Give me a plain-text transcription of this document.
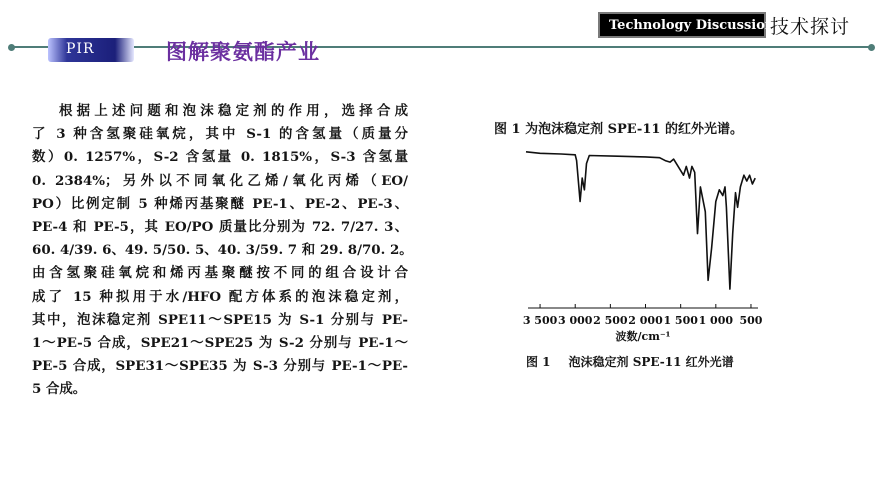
PIR	图解聚氨酯产业
Technology Discussion
技术探讨
根据上述问题和泡沫稳定剂的作用，选择合成
了 3 种含氢聚硅氧烷，其中 S-1 的含氢量（质量分
数）0. 1257%，S-2 含氢量 0. 1815%，S-3 含氢量
0. 2384%；另外以不同氧化乙烯/氧化丙烯（EO/
PO）比例定制 5 种烯丙基聚醚 PE-1、PE-2、PE-3、
PE-4 和 PE-5，其 EO/PO 质量比分别为 72. 7/27. 3、
60. 4/39. 6、49. 5/50. 5、40. 3/59. 7 和 29. 8/70. 2。
由含氢聚硅氧烷和烯丙基聚醚按不同的组合设计合
成了 15 种拟用于水/HFO 配方体系的泡沫稳定剂，
其中，泡沫稳定剂 SPE11～SPE15 为 S-1 分别与 PE-
1～PE-5 合成，SPE21～SPE25 为 S-2 分别与 PE-1～
PE-5 合成，SPE31～SPE35 为 S-3 分别与 PE-1～PE-
5 合成。
图 1 为泡沫稳定剂 SPE-11 的红外光谱。
3 500 3 000 2 500 2 000 1 500 1 000 500
波数/cm⁻¹
图 1 泡沫稳定剂 SPE-11 红外光谱
